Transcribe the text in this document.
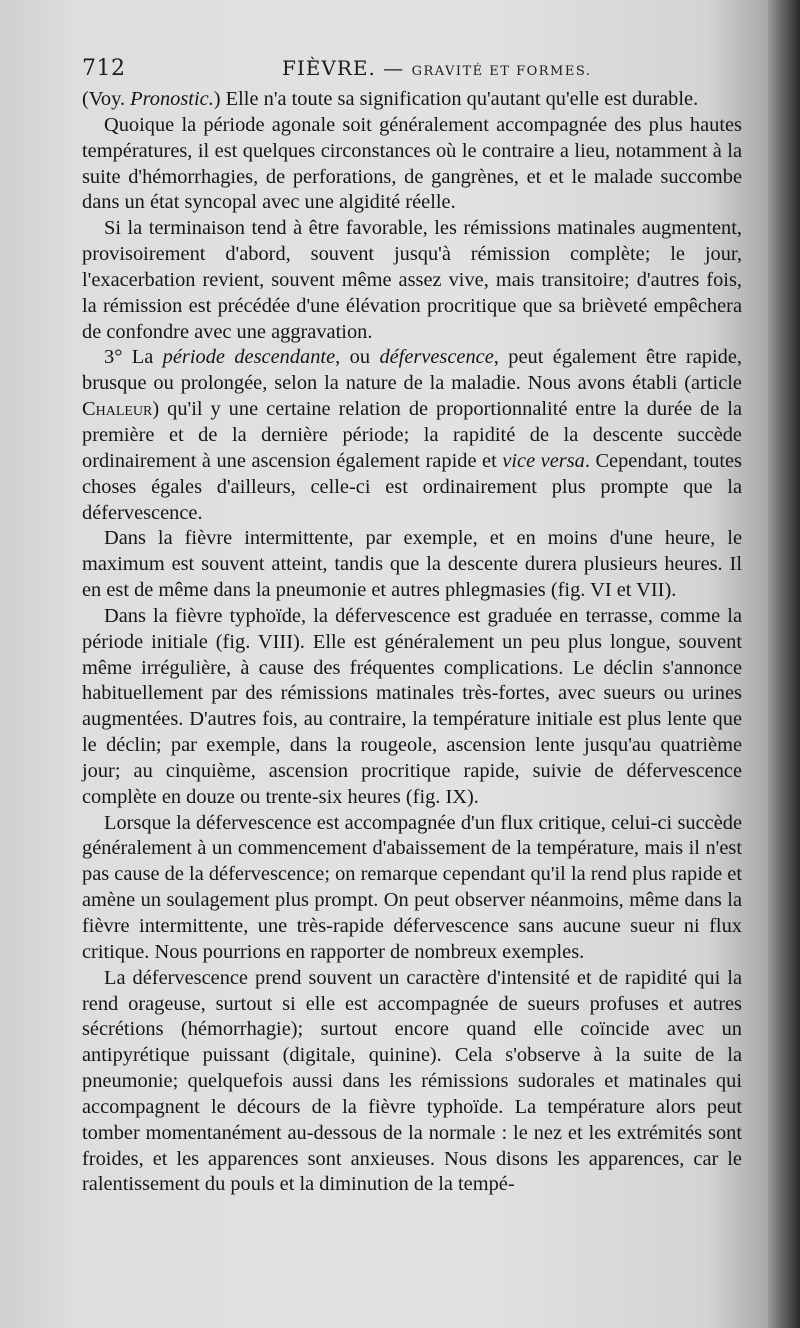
712	FIÈVRE. — GRAVITÉ ET FORMES.

(Voy. Pronostic.) Elle n'a toute sa signification qu'autant qu'elle est durable.

Quoique la période agonale soit généralement accompagnée des plus hautes températures, il est quelques circonstances où le contraire a lieu, notamment à la suite d'hémorrhagies, de perforations, de gangrènes, et et le malade succombe dans un état syncopal avec une algidité réelle.

Si la terminaison tend à être favorable, les rémissions matinales augmentent, provisoirement d'abord, souvent jusqu'à rémission complète; le jour, l'exacerbation revient, souvent même assez vive, mais transitoire; d'autres fois, la rémission est précédée d'une élévation procritique que sa brièveté empêchera de confondre avec une aggravation.

3° La période descendante, ou défervescence, peut également être rapide, brusque ou prolongée, selon la nature de la maladie. Nous avons établi (article Chaleur) qu'il y une certaine relation de proportionnalité entre la durée de la première et de la dernière période; la rapidité de la descente succède ordinairement à une ascension également rapide et vice versa. Cependant, toutes choses égales d'ailleurs, celle-ci est ordinairement plus prompte que la défervescence.

Dans la fièvre intermittente, par exemple, et en moins d'une heure, le maximum est souvent atteint, tandis que la descente durera plusieurs heures. Il en est de même dans la pneumonie et autres phlegmasies (fig. VI et VII).

Dans la fièvre typhoïde, la défervescence est graduée en terrasse, comme la période initiale (fig. VIII). Elle est généralement un peu plus longue, souvent même irrégulière, à cause des fréquentes complications. Le déclin s'annonce habituellement par des rémissions matinales très-fortes, avec sueurs ou urines augmentées. D'autres fois, au contraire, la température initiale est plus lente que le déclin; par exemple, dans la rougeole, ascension lente jusqu'au quatrième jour; au cinquième, ascension procritique rapide, suivie de défervescence complète en douze ou trente-six heures (fig. IX).

Lorsque la défervescence est accompagnée d'un flux critique, celui-ci succède généralement à un commencement d'abaissement de la température, mais il n'est pas cause de la défervescence; on remarque cependant qu'il la rend plus rapide et amène un soulagement plus prompt. On peut observer néanmoins, même dans la fièvre intermittente, une très-rapide défervescence sans aucune sueur ni flux critique. Nous pourrions en rapporter de nombreux exemples.

La défervescence prend souvent un caractère d'intensité et de rapidité qui la rend orageuse, surtout si elle est accompagnée de sueurs profuses et autres sécrétions (hémorrhagie); surtout encore quand elle coïncide avec un antipyrétique puissant (digitale, quinine). Cela s'observe à la suite de la pneumonie; quelquefois aussi dans les rémissions sudorales et matinales qui accompagnent le décours de la fièvre typhoïde. La température alors peut tomber momentanément au-dessous de la normale : le nez et les extrémités sont froides, et les apparences sont anxieuses. Nous disons les apparences, car le ralentissement du pouls et la diminution de la tempé-
